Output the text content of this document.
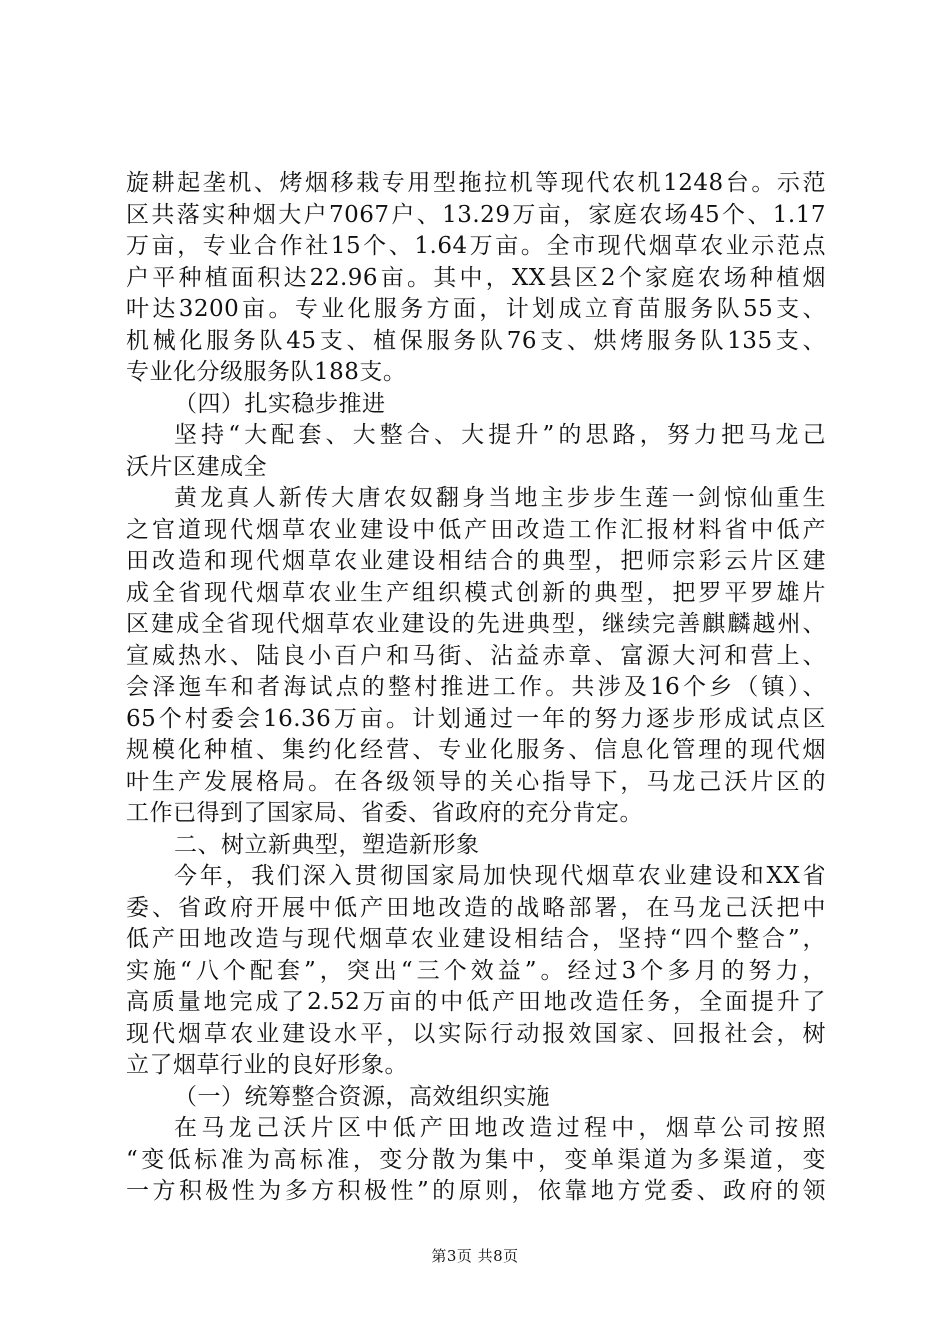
旋耕起垄机、烤烟移栽专用型拖拉机等现代农机1248台。示范
区共落实种烟大户7067户、13.29万亩，家庭农场45个、1.17
万亩，专业合作社15个、1.64万亩。全市现代烟草农业示范点
户平种植面积达22.96亩。其中，XX县区2个家庭农场种植烟
叶达3200亩。专业化服务方面，计划成立育苗服务队55支、
机械化服务队45支、植保服务队76支、烘烤服务队135支、
专业化分级服务队188支。
（四）扎实稳步推进
坚持“大配套、大整合、大提升”的思路，努力把马龙己
沃片区建成全
黄龙真人新传大唐农奴翻身当地主步步生莲一剑惊仙重生
之官道现代烟草农业建设中低产田改造工作汇报材料省中低产
田改造和现代烟草农业建设相结合的典型，把师宗彩云片区建
成全省现代烟草农业生产组织模式创新的典型，把罗平罗雄片
区建成全省现代烟草农业建设的先进典型，继续完善麒麟越州、
宣威热水、陆良小百户和马街、沾益赤章、富源大河和营上、
会泽迤车和者海试点的整村推进工作。共涉及16个乡（镇）、
65个村委会16.36万亩。计划通过一年的努力逐步形成试点区
规模化种植、集约化经营、专业化服务、信息化管理的现代烟
叶生产发展格局。在各级领导的关心指导下，马龙己沃片区的
工作已得到了国家局、省委、省政府的充分肯定。
二、树立新典型，塑造新形象
今年，我们深入贯彻国家局加快现代烟草农业建设和XX省
委、省政府开展中低产田地改造的战略部署，在马龙己沃把中
低产田地改造与现代烟草农业建设相结合，坚持“四个整合”，
实施“八个配套”，突出“三个效益”。经过3个多月的努力，
高质量地完成了2.52万亩的中低产田地改造任务，全面提升了
现代烟草农业建设水平，以实际行动报效国家、回报社会，树
立了烟草行业的良好形象。
（一）统筹整合资源，高效组织实施
在马龙己沃片区中低产田地改造过程中，烟草公司按照
“变低标准为高标准，变分散为集中，变单渠道为多渠道，变
一方积极性为多方积极性”的原则，依靠地方党委、政府的领
第3页 共8页
